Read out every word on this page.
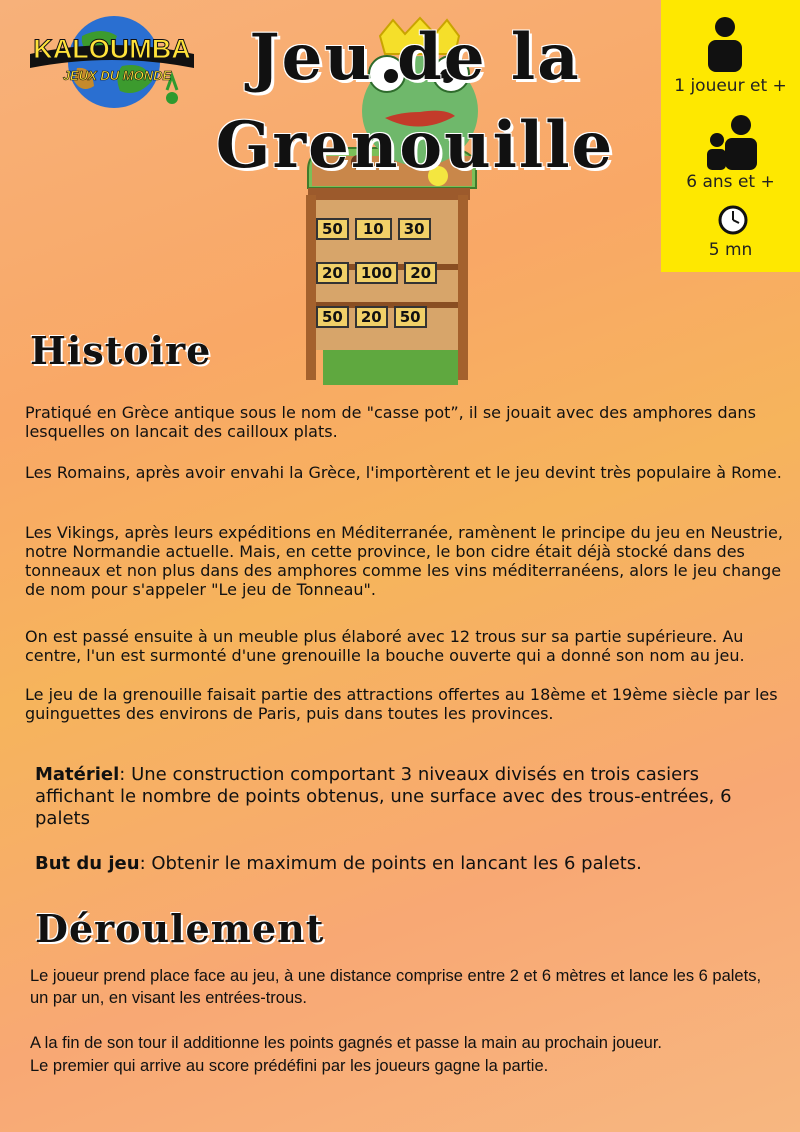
KALOUMBA
JEUX DU MONDE	Jeu de la
Grenouille
1 joueur et +
6 ans et +
5 mn
50	10	30
20	100	20
50	20	50
Histoire

Pratiqué en Grèce antique sous le nom de "casse pot”, il se jouait avec des amphores dans lesquelles on lancait des cailloux plats.

Les Romains, après avoir envahi la Grèce, l'importèrent et le jeu devint très populaire à Rome.

Les Vikings, après leurs expéditions en Méditerranée, ramènent le principe du jeu en Neustrie, notre Normandie actuelle. Mais, en cette province, le bon cidre était déjà stocké dans des tonneaux et non plus dans des amphores comme les vins méditerranéens, alors le jeu change de nom pour s'appeler "Le jeu de Tonneau".

On est passé ensuite à un meuble plus élaboré avec 12 trous sur sa partie supérieure. Au centre, l'un est surmonté d'une grenouille la bouche ouverte qui a donné son nom au jeu.

Le jeu de la grenouille faisait partie des attractions offertes au 18ème et 19ème siècle par les guinguettes des environs de Paris, puis dans toutes les provinces.

Matériel: Une construction comportant 3 niveaux divisés en trois casiers affichant le nombre de points obtenus, une surface avec des trous-entrées, 6 palets

But du jeu: Obtenir le maximum de points en lancant les 6 palets.

Déroulement

Le joueur prend place face au jeu, à une distance comprise entre 2 et 6 mètres et lance les 6 palets, un par un, en visant les entrées-trous.

A la fin de son tour il additionne les points gagnés et passe la main au prochain joueur.

Le premier qui arrive au score prédéfini par les joueurs gagne la partie.
